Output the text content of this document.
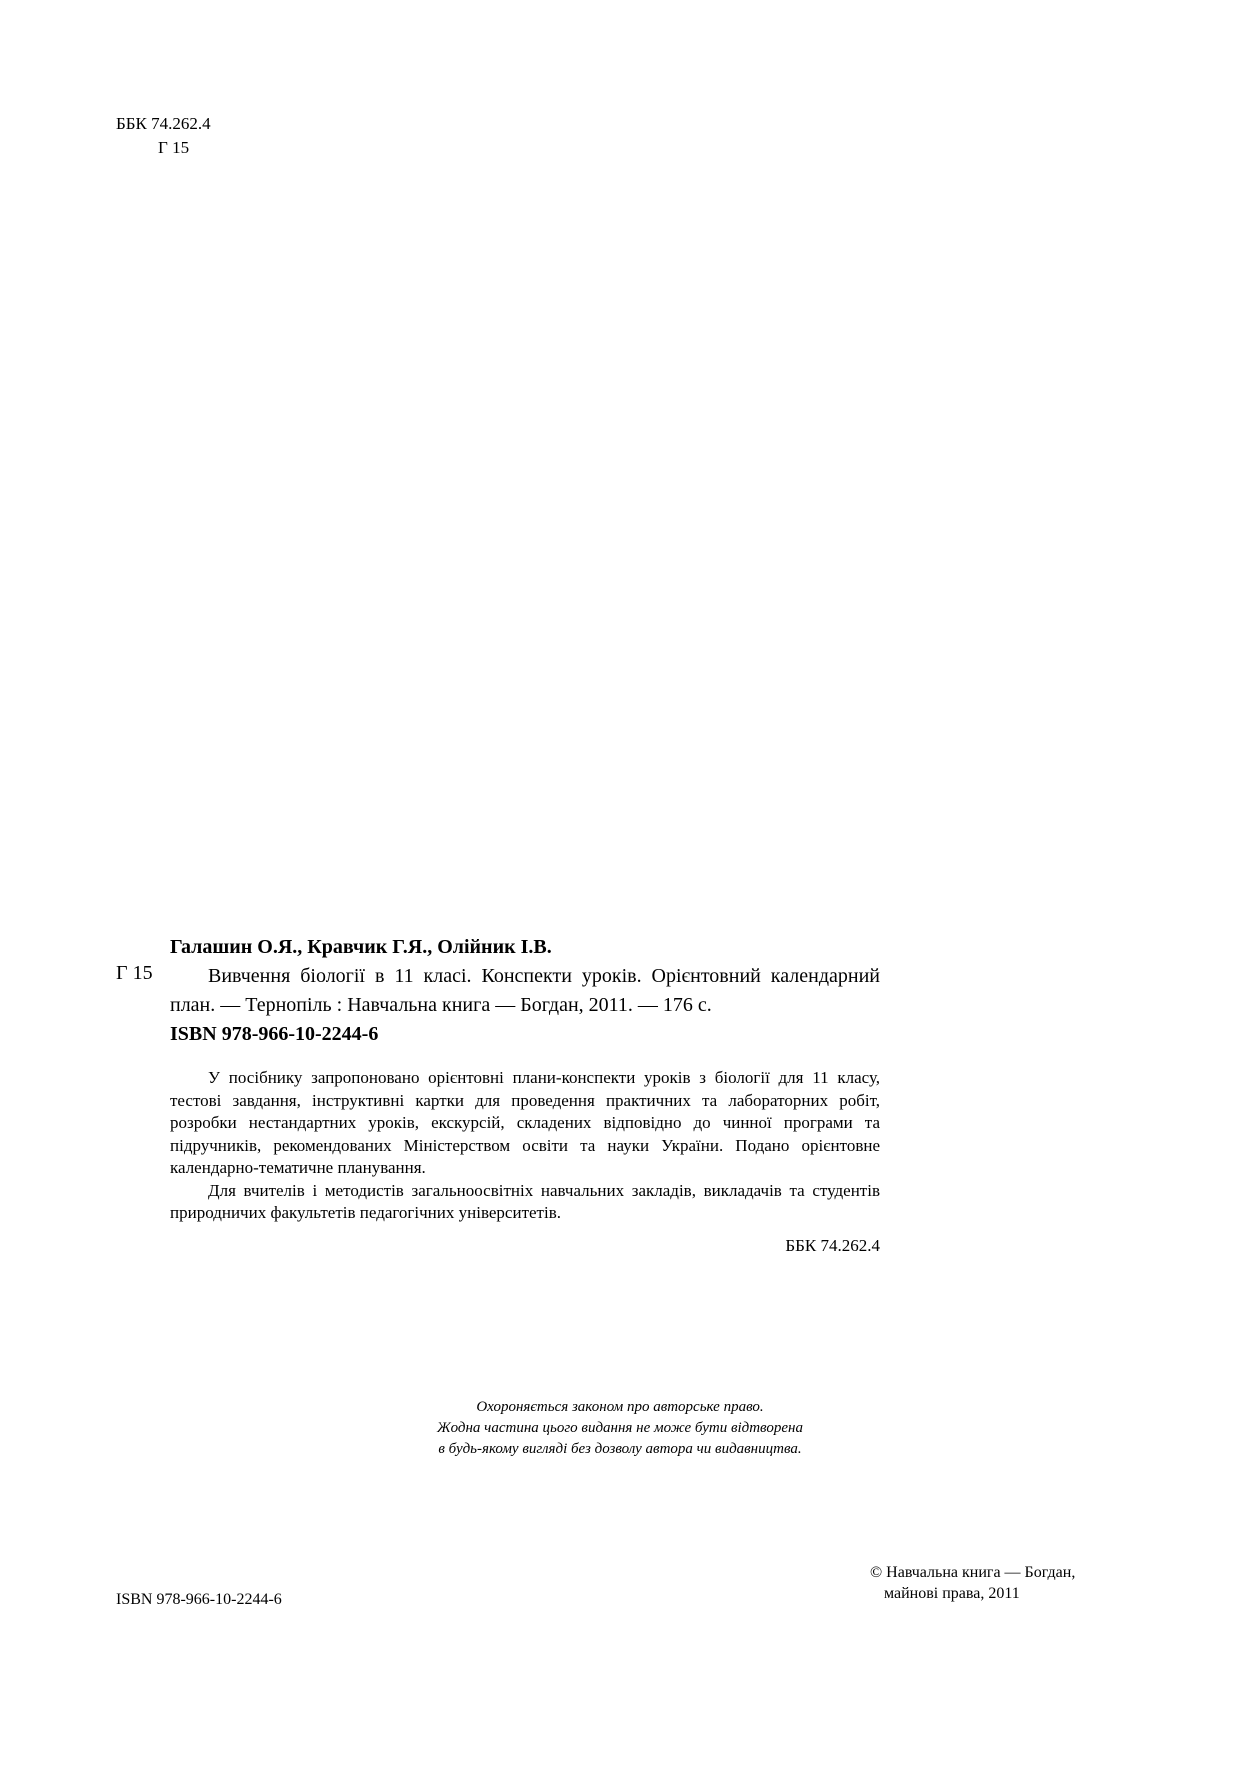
ББК 74.262.4
Г 15
Галашин О.Я., Кравчик Г.Я., Олійник І.В.
Г 15	Вивчення біології в 11 класі. Конспекти уроків. Орієнтовний календарний план. — Тернопіль : Навчальна книга — Богдан, 2011. — 176 с.
ISBN 978-966-10-2244-6

У посібнику запропоновано орієнтовні плани-конспекти уроків з біології для 11 класу, тестові завдання, інструктивні картки для проведення практичних та лабораторних робіт, розробки нестандартних уроків, екскурсій, складених відповідно до чинної програми та підручників, рекомендованих Міністерством освіти та науки України. Подано орієнтовне календарно-тематичне планування.

Для вчителів і методистів загальноосвітніх навчальних закладів, викладачів та студентів природничих факультетів педагогічних університетів.

ББК 74.262.4
Охороняється законом про авторське право.
Жодна частина цього видання не може бути відтворена
в будь-якому вигляді без дозволу автора чи видавництва.
ISBN 978-966-10-2244-6
© Навчальна книга — Богдан,
майнові права, 2011
